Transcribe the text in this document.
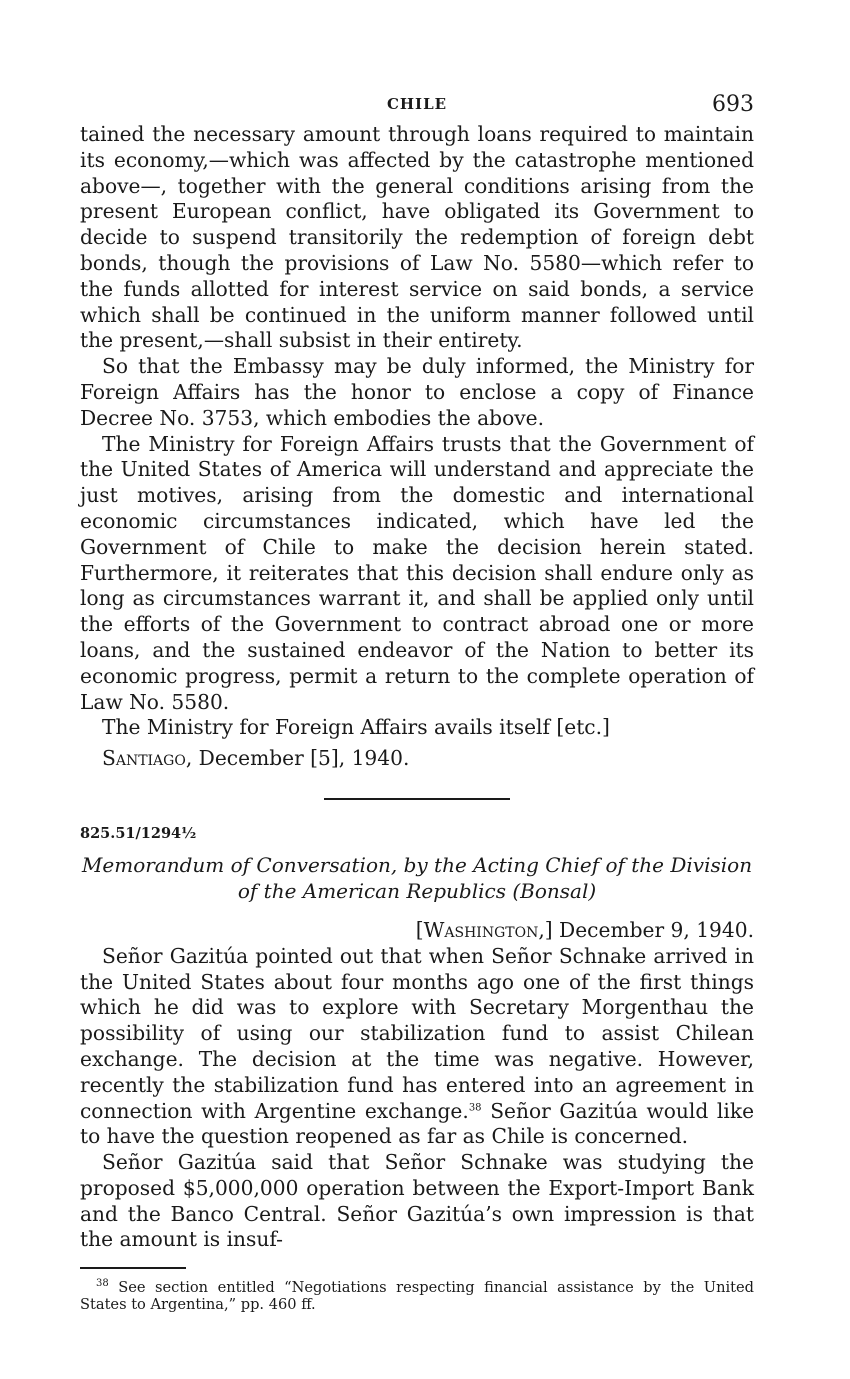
CHILE	693

tained the necessary amount through loans required to maintain its economy,—which was affected by the catastrophe mentioned above—, together with the general conditions arising from the present European conflict, have obligated its Government to decide to suspend transitorily the redemption of foreign debt bonds, though the provisions of Law No. 5580—which refer to the funds allotted for interest service on said bonds, a service which shall be continued in the uniform manner followed until the present,—shall subsist in their entirety.

So that the Embassy may be duly informed, the Ministry for Foreign Affairs has the honor to enclose a copy of Finance Decree No. 3753, which embodies the above.

The Ministry for Foreign Affairs trusts that the Government of the United States of America will understand and appreciate the just motives, arising from the domestic and international economic circumstances indicated, which have led the Government of Chile to make the decision herein stated. Furthermore, it reiterates that this decision shall endure only as long as circumstances warrant it, and shall be applied only until the efforts of the Government to contract abroad one or more loans, and the sustained endeavor of the Nation to better its economic progress, permit a return to the complete operation of Law No. 5580.

The Ministry for Foreign Affairs avails itself [etc.]
Santiago, December [5], 1940.
825.51/1294½
Memorandum of Conversation, by the Acting Chief of the Division of the American Republics (Bonsal)
[Washington,] December 9, 1940.

Señor Gazitúa pointed out that when Señor Schnake arrived in the United States about four months ago one of the first things which he did was to explore with Secretary Morgenthau the possibility of using our stabilization fund to assist Chilean exchange. The decision at the time was negative. However, recently the stabilization fund has entered into an agreement in connection with Argentine exchange.$^{38}$ Señor Gazitúa would like to have the question reopened as far as Chile is concerned.

Señor Gazitúa said that Señor Schnake was studying the proposed $5,000,000 operation between the Export-Import Bank and the Banco Central. Señor Gazitúa’s own impression is that the amount is insuf-

$^{38}$ See section entitled “Negotiations respecting financial assistance by the United States to Argentina,” pp. 460 ff.
